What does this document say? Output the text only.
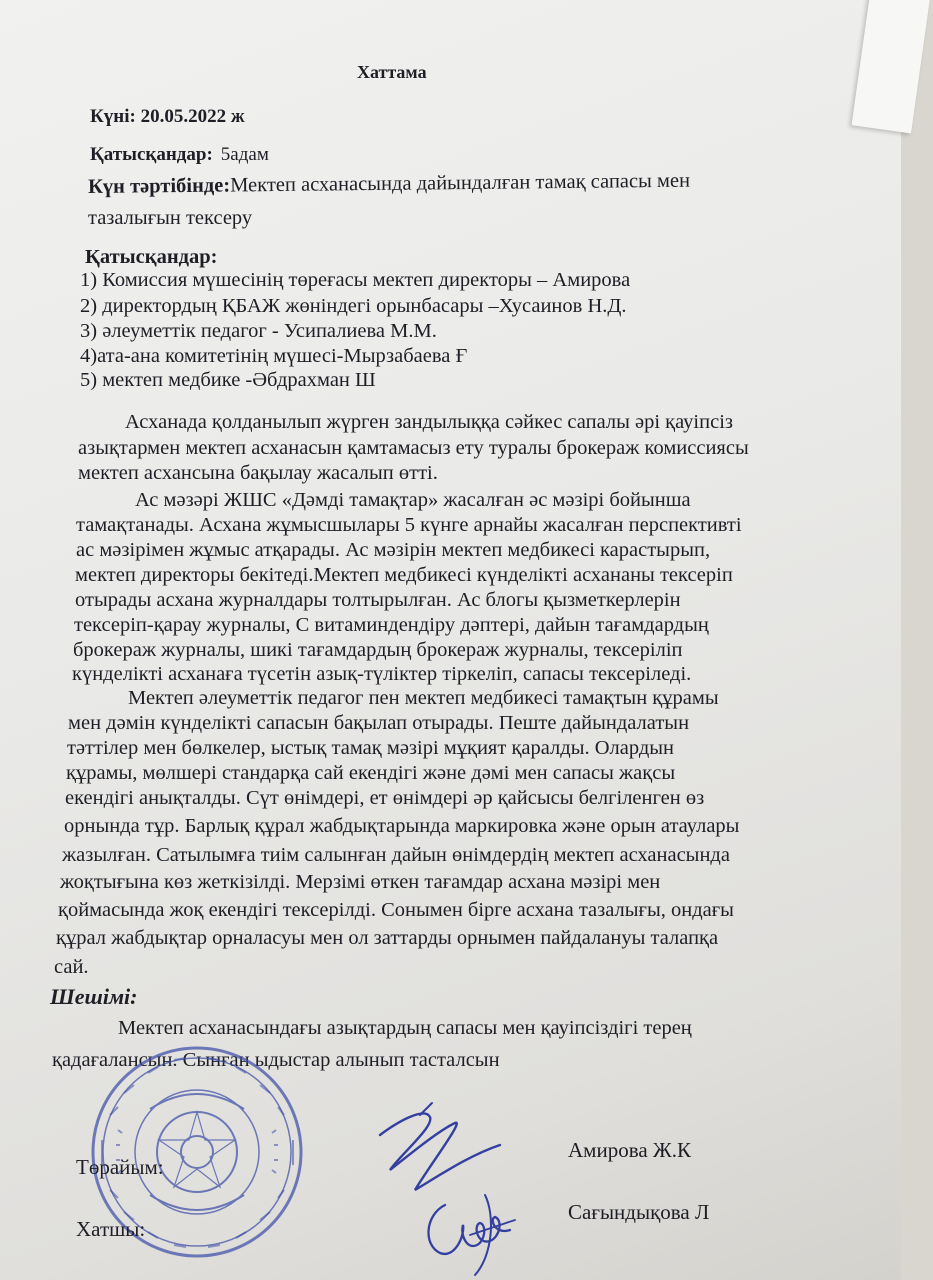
Хаттама
Күні: 20.05.2022 ж
Қатысқандар: 5адам
Күн тәртібінде:Мектеп асханасында дайындалған тамақ сапасы мен
тазалығын тексеру
Қатысқандар:
1) Комиссия мүшесінің төреғасы мектеп директоры – Амирова
2) директордың ҚБАЖ жөніндегі орынбасары –Хусаинов Н.Д.
3) әлеуметтік педагог - Усипалиева М.М.
4)ата-ана комитетінің мүшесі-Мырзабаева Ғ
5) мектеп медбике -Әбдрахман Ш
Асханада қолданылып жүрген зандылыққа сәйкес сапалы әрі қауіпсіз
азықтармен мектеп асханасын қамтамасыз ету туралы брокераж комиссиясы
мектеп асхансына бақылау жасалып өтті.
Ас мәзәрі ЖШС «Дәмді тамақтар» жасалған әс мәзірі бойынша
тамақтанады. Асхана жұмысшылары 5 күнге арнайы жасалған перспективті
ас мәзірімен жұмыс атқарады. Ас мәзірін мектеп медбикесі карастырып,
мектеп директоры бекітеді.Мектеп медбикесі күнделікті асхананы тексеріп
отырады асхана журналдары толтырылған. Ас блогы қызметкерлерін
тексеріп-қарау журналы, С витаминдендіру дәптері, дайын тағамдардың
брокераж журналы, шикі тағамдардың брокераж журналы, тексеріліп
күнделікті асханаға түсетін азық-түліктер тіркеліп, сапасы тексеріледі.
Мектеп әлеуметтік педагог пен мектеп медбикесі тамақтын құрамы
мен дәмін күнделікті сапасын бақылап отырады. Пеште дайындалатын
тәттілер мен бөлкелер, ыстық тамақ мәзірі мұқият қаралды. Олардын
құрамы, мөлшері стандарқа сай екендігі және дәмі мен сапасы жақсы
екендігі анықталды. Сүт өнімдері, ет өнімдері әр қайсысы белгіленген өз
орнында тұр. Барлық құрал жабдықтарында маркировка және орын атаулары
жазылған. Сатылымға тиім салынған дайын өнімдердің мектеп асханасында
жоқтығына көз жеткізілді. Мерзімі өткен тағамдар асхана мәзірі мен
қоймасында жоқ екендігі тексерілді. Сонымен бірге асхана тазалығы, ондағы
құрал жабдықтар орналасуы мен ол заттарды орнымен пайдалануы талапқа
сай.
Шешімі:
Мектеп асханасындағы азықтардың сапасы мен қауіпсіздігі терең
қадағалансын. Сынған ыдыстар алынып тасталсын
Төрайым:
Амирова Ж.К
Хатшы:
Сағындықова Л
